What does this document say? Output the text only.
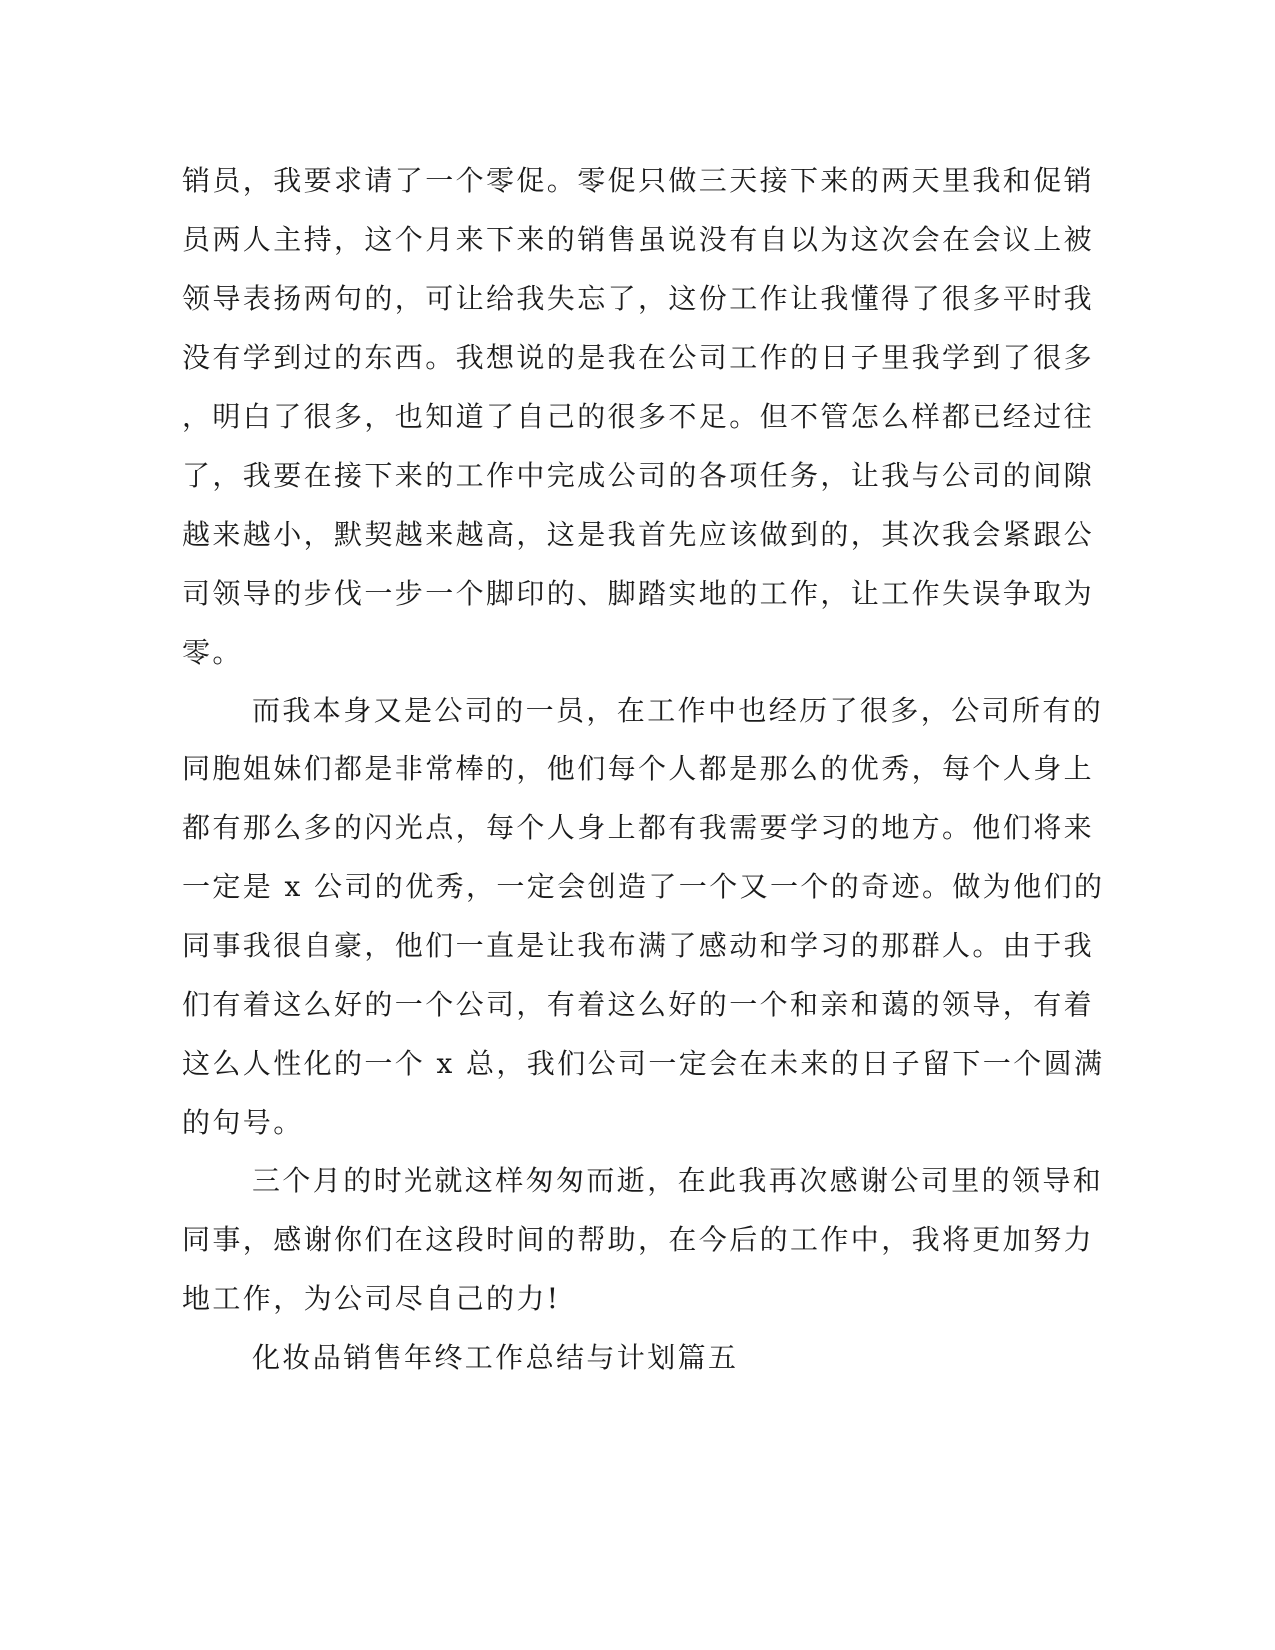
销员，我要求请了一个零促。零促只做三天接下来的两天里我和促销
员两人主持，这个月来下来的销售虽说没有自以为这次会在会议上被
领导表扬两句的，可让给我失忘了，这份工作让我懂得了很多平时我
没有学到过的东西。我想说的是我在公司工作的日子里我学到了很多
，明白了很多，也知道了自己的很多不足。但不管怎么样都已经过往
了，我要在接下来的工作中完成公司的各项任务，让我与公司的间隙
越来越小，默契越来越高，这是我首先应该做到的，其次我会紧跟公
司领导的步伐一步一个脚印的、脚踏实地的工作，让工作失误争取为
零。
而我本身又是公司的一员，在工作中也经历了很多，公司所有的
同胞姐妹们都是非常棒的，他们每个人都是那么的优秀，每个人身上
都有那么多的闪光点，每个人身上都有我需要学习的地方。他们将来
一定是 x 公司的优秀，一定会创造了一个又一个的奇迹。做为他们的
同事我很自豪，他们一直是让我布满了感动和学习的那群人。由于我
们有着这么好的一个公司，有着这么好的一个和亲和蔼的领导，有着
这么人性化的一个 x 总，我们公司一定会在未来的日子留下一个圆满
的句号。
三个月的时光就这样匆匆而逝，在此我再次感谢公司里的领导和
同事，感谢你们在这段时间的帮助，在今后的工作中，我将更加努力
地工作，为公司尽自己的力!
化妆品销售年终工作总结与计划篇五
